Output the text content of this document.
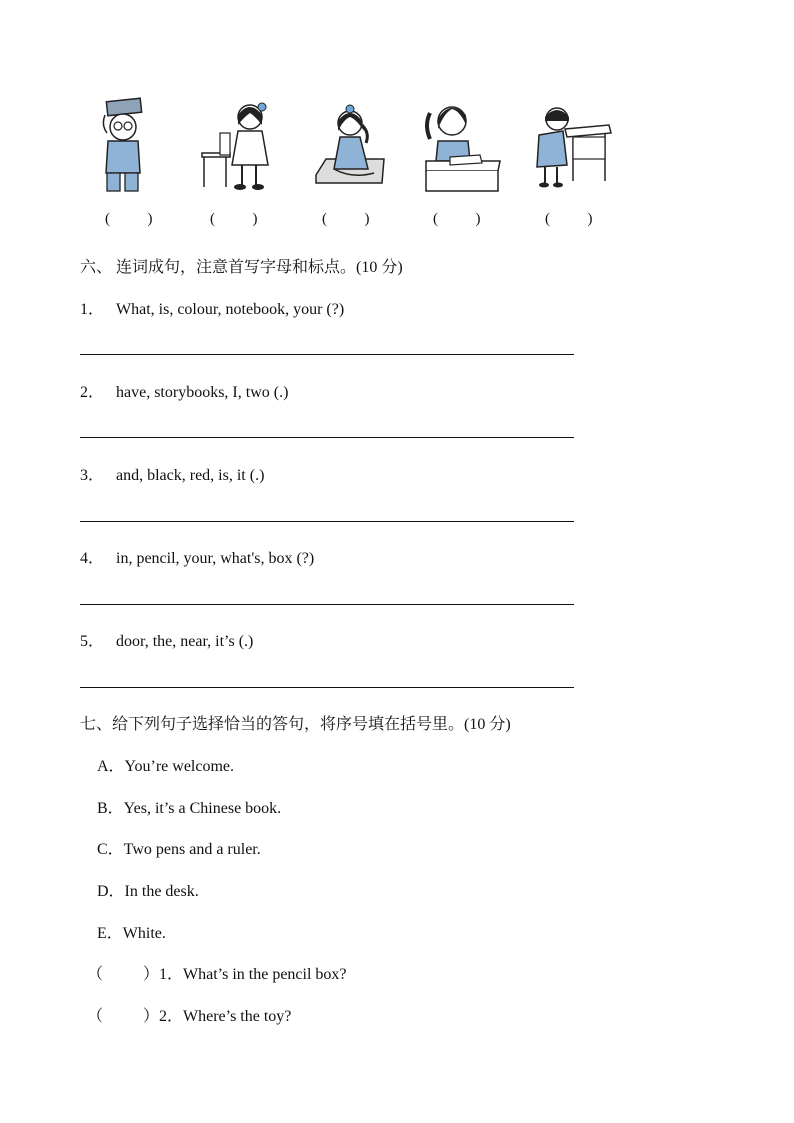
(          )	(          )	(          )	(          )	(          )
六、 连词成句，注意首写字母和标点。(10 分)
1． What, is, colour, notebook, your (?)
2． have, storybooks, I, two (.)
3． and, black, red, is, it (.)
4． in, pencil, your, what's, box (?)
5． door, the, near, it’s (.)
七、给下列句子选择恰当的答句，将序号填在括号里。(10 分)
A．You’re welcome.
B．Yes, it’s a Chinese book.
C．Two pens and a ruler.
D．In the desk.
E．White.
（          ）1．What’s in the pencil box?
（          ）2．Where’s the toy?
